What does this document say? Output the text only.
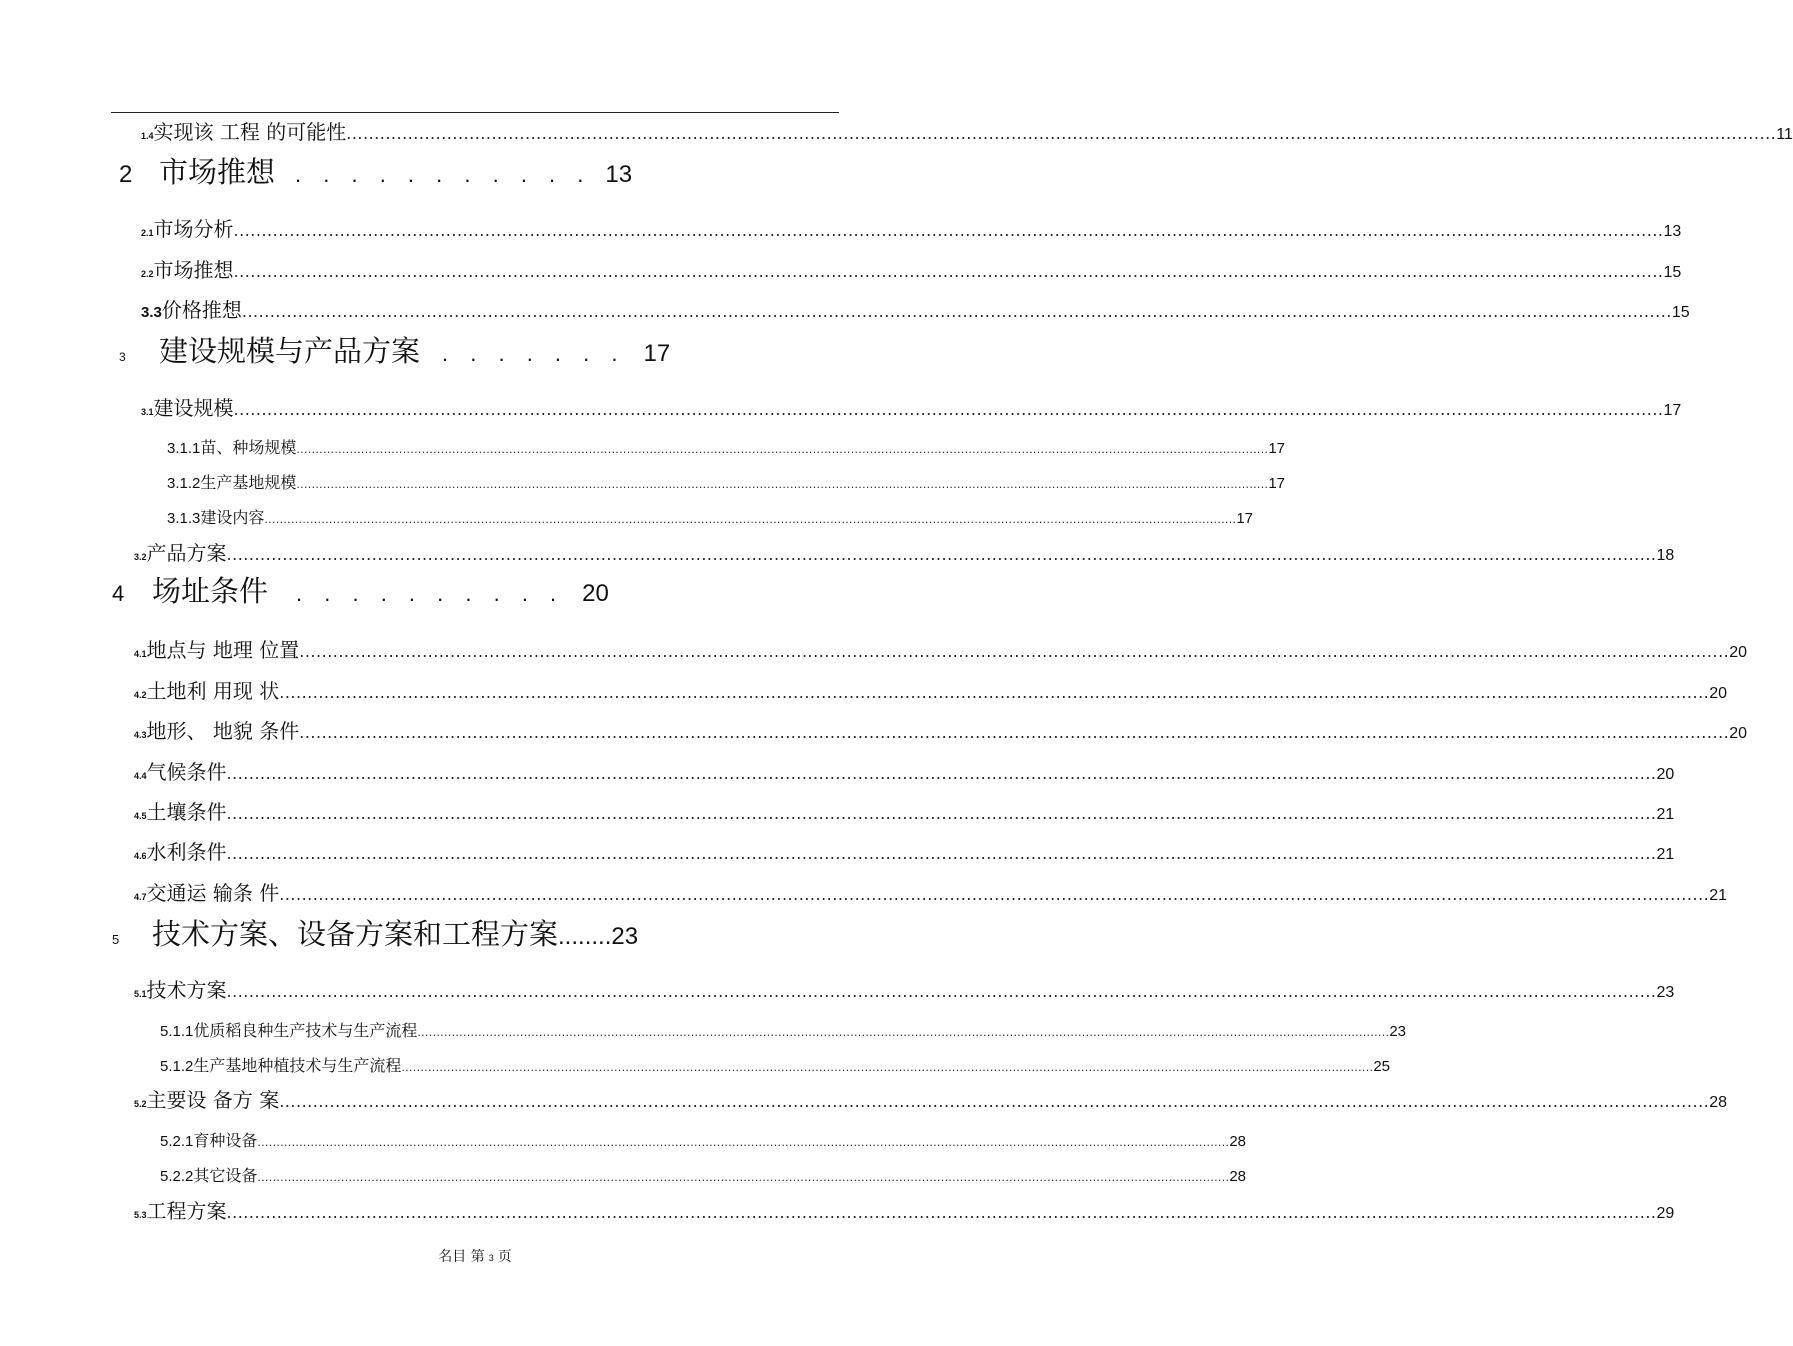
1.4 实现该 工程 的可能性 ................................................................................................................................................................................................................................................................ 11
2 市场推想 . . . . . . . . . . . 13
2.1 市场分析 ................................................................................................................................................................................................................................................................ 13
2.2 市场推想 ................................................................................................................................................................................................................................................................ 15
3.3 价格推想 ................................................................................................................................................................................................................................................................ 15
3	建设规模与产品方案 . . . . . . . 17
3.1 建设规模 ................................................................................................................................................................................................................................................................ 17
3.1.1 苗、种场规模 ................................................................................................................................................................................................................................................................ 17
3.1.2 生产基地规模 ................................................................................................................................................................................................................................................................ 17
3.1.3 建设内容 ................................................................................................................................................................................................................................................................ 17
3.2 产品方案 ................................................................................................................................................................................................................................................................ 18
4 场址条件 . . . . . . . . . . 20
4.1 地点与 地理 位置 ................................................................................................................................................................................................................................................................ 20
4.2 土地利 用现 状 ................................................................................................................................................................................................................................................................ 20
4.3 地形、 地貌 条件 ................................................................................................................................................................................................................................................................ 20
4.4 气候条件 ................................................................................................................................................................................................................................................................ 20
4.5 土壤条件 ................................................................................................................................................................................................................................................................ 21
4.6 水利条件 ................................................................................................................................................................................................................................................................ 21
4.7 交通运 输条 件 ................................................................................................................................................................................................................................................................ 21
5	技术方案、设备方案和工程方案 ........ 23
5.1 技术方案 ................................................................................................................................................................................................................................................................ 23
5.1.1 优质稻良种生产技术与生产流程 ................................................................................................................................................................................................................................................................ 23
5.1.2 生产基地种植技术与生产流程 ................................................................................................................................................................................................................................................................ 25
5.2 主要设 备方 案 ................................................................................................................................................................................................................................................................ 28
5.2.1 育种设备 ................................................................................................................................................................................................................................................................ 28
5.2.2 其它设备 ................................................................................................................................................................................................................................................................ 28
5.3 工程方案 ................................................................................................................................................................................................................................................................ 29
名目 第 3 页
